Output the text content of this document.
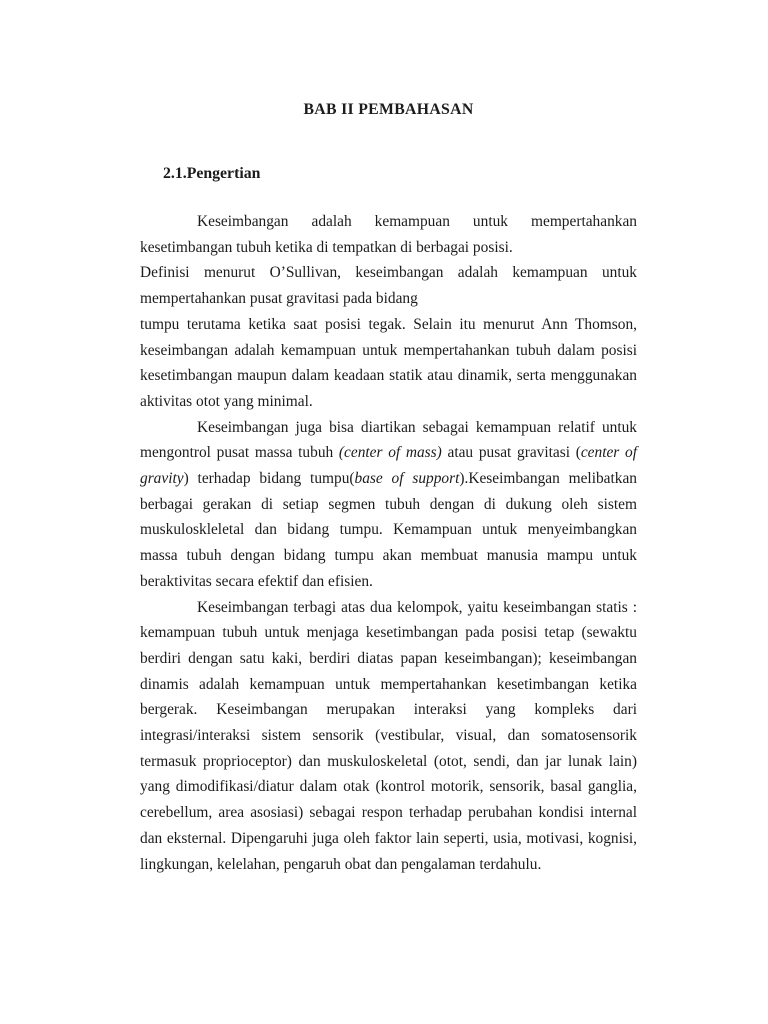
BAB II PEMBAHASAN
2.1.Pengertian

Keseimbangan adalah kemampuan untuk mempertahankan kesetimbangan tubuh ketika di tempatkan di berbagai posisi.

Definisi menurut O’Sullivan, keseimbangan adalah kemampuan untuk mempertahankan pusat gravitasi pada bidang
tumpu terutama ketika saat posisi tegak. Selain itu menurut Ann Thomson, keseimbangan adalah kemampuan untuk mempertahankan tubuh dalam posisi kesetimbangan maupun dalam keadaan statik atau dinamik, serta menggunakan aktivitas otot yang minimal.

Keseimbangan juga bisa diartikan sebagai kemampuan relatif untuk mengontrol pusat massa tubuh (center of mass) atau pusat gravitasi (center of gravity) terhadap bidang tumpu(base of support).Keseimbangan melibatkan berbagai gerakan di setiap segmen tubuh dengan di dukung oleh sistem muskuloskleletal dan bidang tumpu. Kemampuan untuk menyeimbangkan massa tubuh dengan bidang tumpu akan membuat manusia mampu untuk beraktivitas secara efektif dan efisien.

Keseimbangan terbagi atas dua kelompok, yaitu keseimbangan statis : kemampuan tubuh untuk menjaga kesetimbangan pada posisi tetap (sewaktu berdiri dengan satu kaki, berdiri diatas papan keseimbangan); keseimbangan dinamis adalah kemampuan untuk mempertahankan kesetimbangan ketika bergerak. Keseimbangan merupakan interaksi yang kompleks dari integrasi/interaksi sistem sensorik (vestibular, visual, dan somatosensorik termasuk proprioceptor) dan muskuloskeletal (otot, sendi, dan jar lunak lain) yang dimodifikasi/diatur dalam otak (kontrol motorik, sensorik, basal ganglia, cerebellum, area asosiasi) sebagai respon terhadap perubahan kondisi internal dan eksternal. Dipengaruhi juga oleh faktor lain seperti, usia, motivasi, kognisi, lingkungan, kelelahan, pengaruh obat dan pengalaman terdahulu.
